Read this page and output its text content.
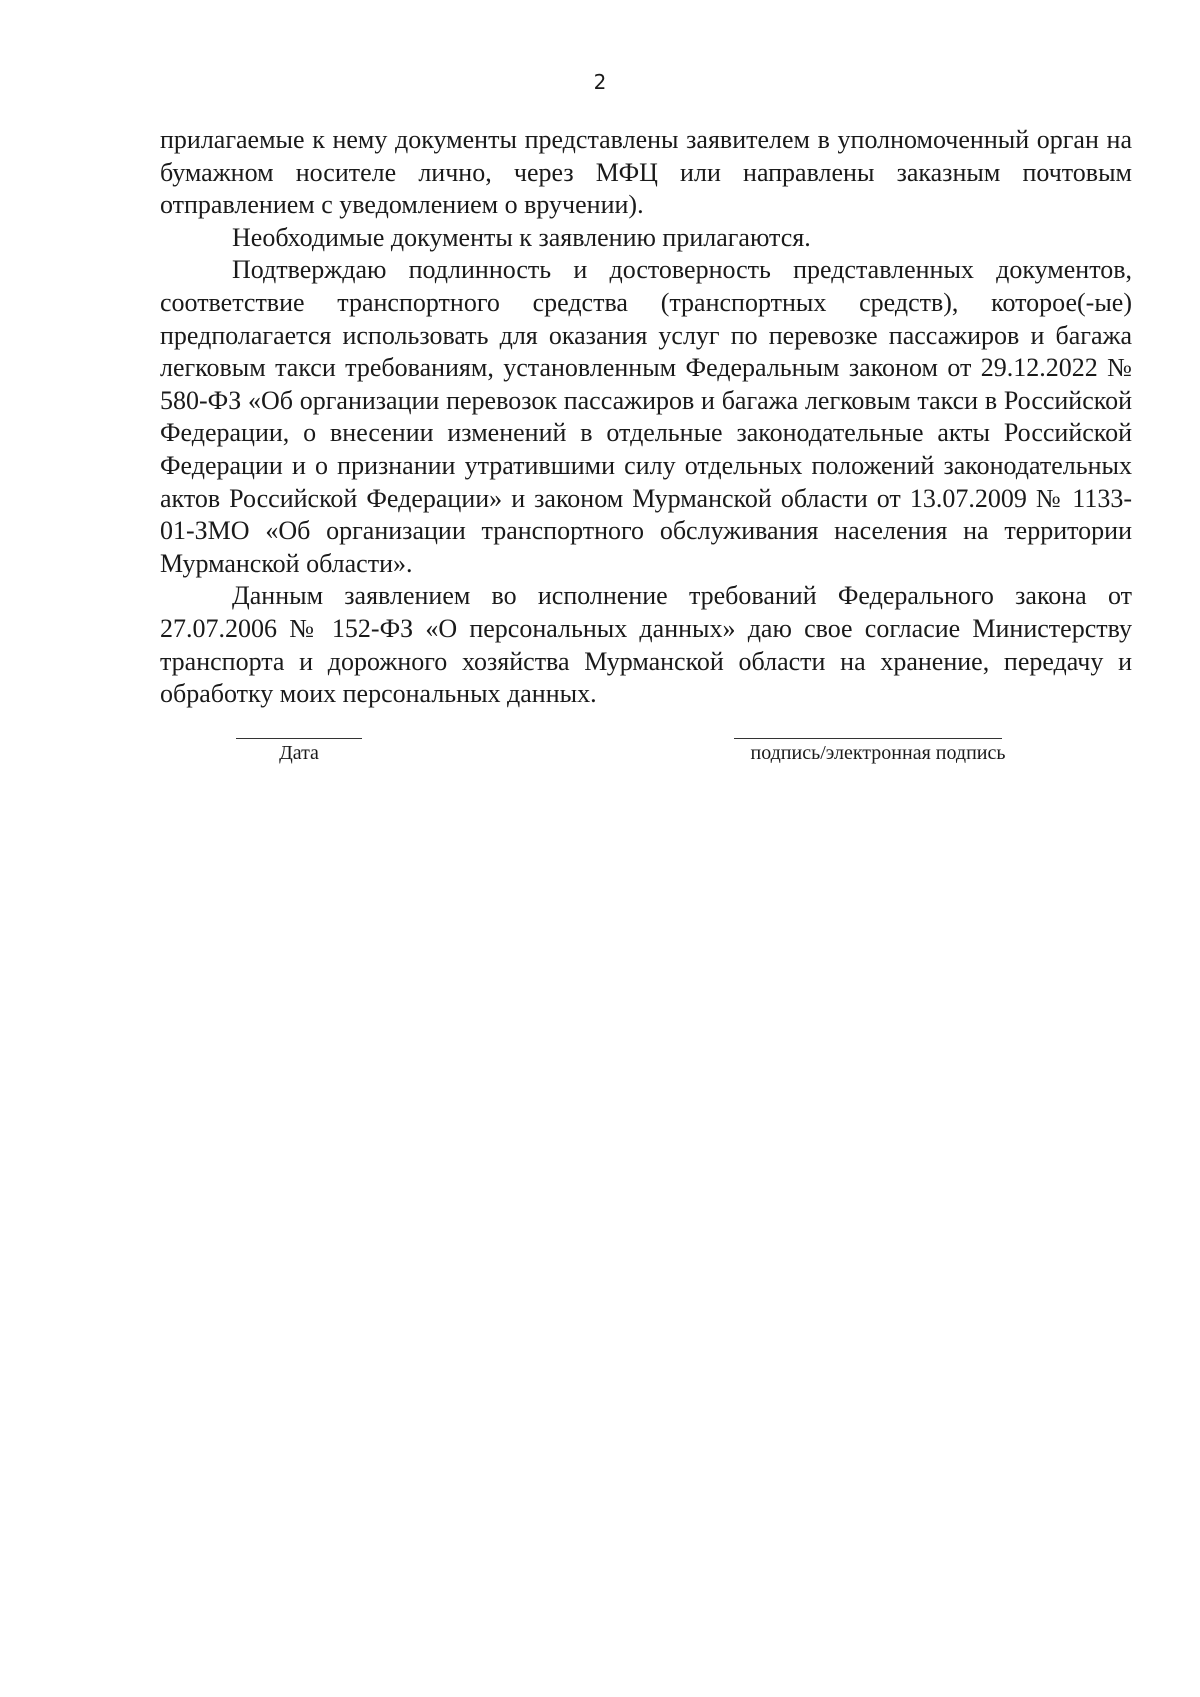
2

прилагаемые к нему документы представлены заявителем в уполномоченный орган на бумажном носителе лично, через МФЦ или направлены заказным почтовым отправлением с уведомлением о вручении).

Необходимые документы к заявлению прилагаются.

Подтверждаю подлинность и достоверность представленных документов, соответствие транспортного средства (транспортных средств), которое(-ые) предполагается использовать для оказания услуг по перевозке пассажиров и багажа легковым такси требованиям, установленным Федеральным законом от 29.12.2022 № 580-ФЗ «Об организации перевозок пассажиров и багажа легковым такси в Российской Федерации, о внесении изменений в отдельные законодательные акты Российской Федерации и о признании утратившими силу отдельных положений законодательных актов Российской Федерации» и законом Мурманской области от 13.07.2009 № 1133-01-ЗМО «Об организации транспортного обслуживания населения на территории Мурманской области».

Данным заявлением во исполнение требований Федерального закона от 27.07.2006 № 152-ФЗ «О персональных данных» даю свое согласие Министерству транспорта и дорожного хозяйства Мурманской области на хранение, передачу и обработку моих персональных данных.

Дата	подпись/электронная подпись
